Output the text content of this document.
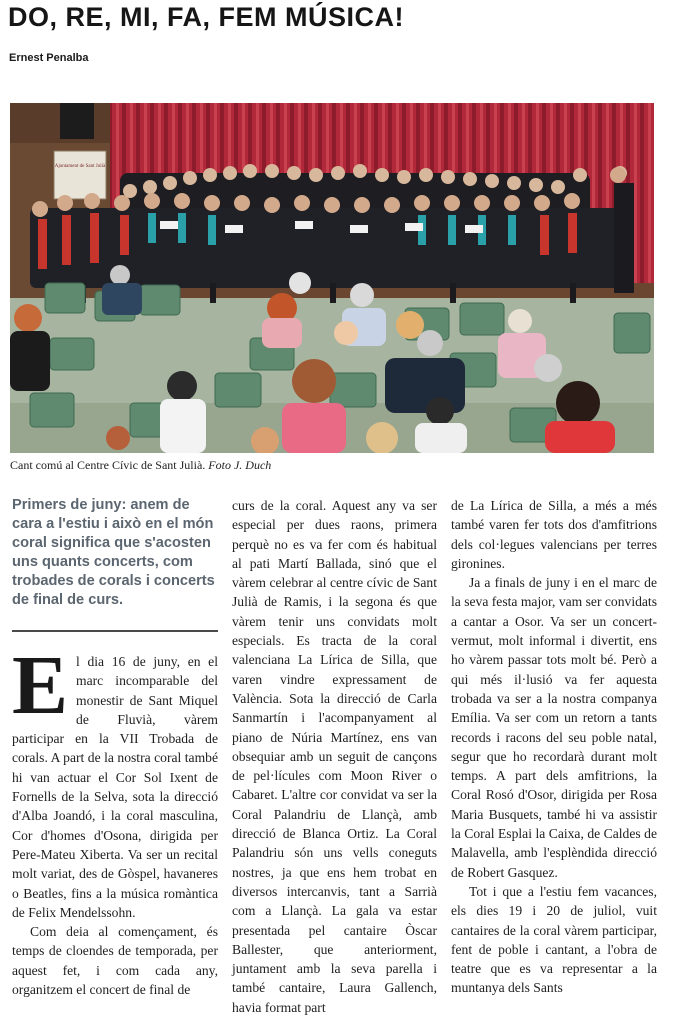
DO, RE, MI, FA, FEM MÚSICA!
Ernest Penalba
Ajuntament de Sant Julià
Cant comú al Centre Cívic de Sant Julià. Foto J. Duch

Primers de juny: anem de cara a l'estiu i això en el món coral significa que s'acosten uns quants concerts, com trobades de corals i concerts de final de curs.

E l dia 16 de juny, en el marc incomparable del monestir de Sant Miquel de Fluvià, vàrem participar en la VII Trobada de corals. A part de la nostra coral també hi van actuar el Cor Sol Ixent de Fornells de la Selva, sota la direcció d'Alba Joandó, i la coral masculina, Cor d'homes d'Osona, dirigida per Pere-Mateu Xiberta. Va ser un recital molt variat, des de Gòspel, havaneres o Beatles, fins a la música romàntica de Felix Mendelssohn.

Com deia al començament, és temps de cloendes de temporada, per aquest fet, i com cada any, organitzem el concert de final de

curs de la coral. Aquest any va ser especial per dues raons, primera perquè no es va fer com és habitual al pati Martí Ballada, sinó que el vàrem celebrar al centre cívic de Sant Julià de Ramis, i la segona és que vàrem tenir uns convidats molt especials. Es tracta de la coral valenciana La Lírica de Silla, que varen vindre expressament de València. Sota la direcció de Carla Sanmartín i l'acompanyament al piano de Núria Martínez, ens van obsequiar amb un seguit de cançons de pel·lícules com Moon River o Cabaret. L'altre cor convidat va ser la Coral Palandriu de Llançà, amb direcció de Blanca Ortiz. La Coral Palandriu són uns vells coneguts nostres, ja que ens hem trobat en diversos intercanvis, tant a Sarrià com a Llançà. La gala va estar presentada pel cantaire Òscar Ballester, que anteriorment, juntament amb la seva parella i també cantaire, Laura Gallench, havia format part

de La Lírica de Silla, a més a més també varen fer tots dos d'amfitrions dels col·legues valencians per terres gironines.

Ja a finals de juny i en el marc de la seva festa major, vam ser convidats a cantar a Osor. Va ser un concert-vermut, molt informal i divertit, ens ho vàrem passar tots molt bé. Però a qui més il·lusió va fer aquesta trobada va ser a la nostra companya Emília. Va ser com un retorn a tants records i racons del seu poble natal, segur que ho recordarà durant molt temps. A part dels amfitrions, la Coral Rosó d'Osor, dirigida per Rosa Maria Busquets, també hi va assistir la Coral Esplai la Caixa, de Caldes de Malavella, amb l'esplèndida direcció de Robert Gasquez.

Tot i que a l'estiu fem vacances, els dies 19 i 20 de juliol, vuit cantaires de la coral vàrem participar, fent de poble i cantant, a l'obra de teatre que es va representar a la muntanya dels Sants
